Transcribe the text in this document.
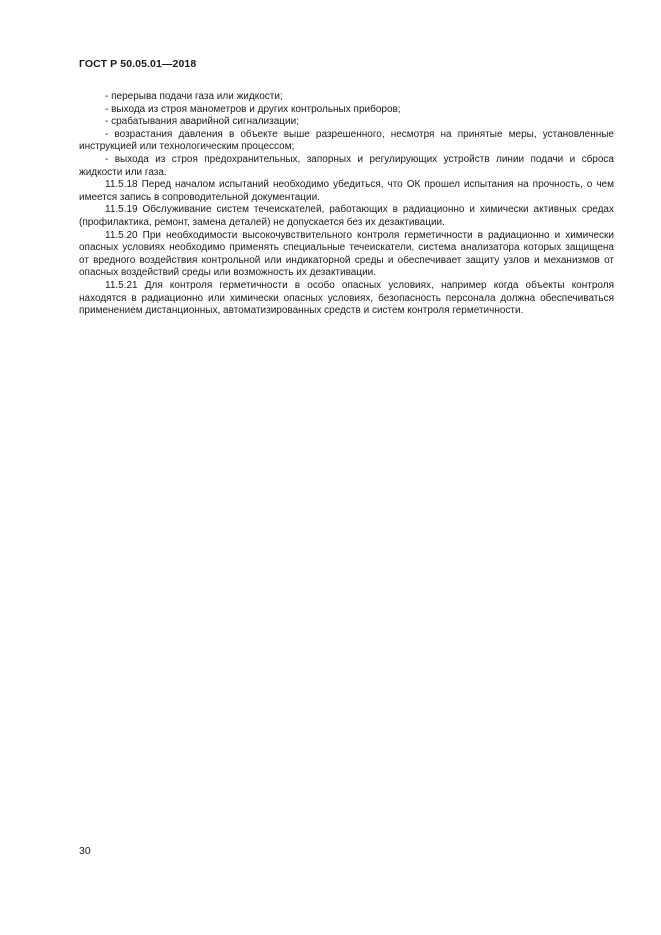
ГОСТ Р 50.05.01—2018

- перерыва подачи газа или жидкости;

- выхода из строя манометров и других контрольных приборов;

- срабатывания аварийной сигнализации;

- возрастания давления в объекте выше разрешенного, несмотря на принятые меры, установленные инструкцией или технологическим процессом;

- выхода из строя предохранительных, запорных и регулирующих устройств линии подачи и сброса жидкости или газа.

11.5.18 Перед началом испытаний необходимо убедиться, что ОК прошел испытания на прочность, о чем имеется запись в сопроводительной документации.

11.5.19 Обслуживание систем течеискателей, работающих в радиационно и химически активных средах (профилактика, ремонт, замена деталей) не допускается без их дезактивации.

11.5.20 При необходимости высокочувствительного контроля герметичности в радиационно и химически опасных условиях необходимо применять специальные течеискатели, система анализатора которых защищена от вредного воздействия контрольной или индикаторной среды и обеспечивает защиту узлов и механизмов от опасных воздействий среды или возможность их дезактивации.

11.5.21 Для контроля герметичности в особо опасных условиях, например когда объекты контроля находятся в радиационно или химически опасных условиях, безопасность персонала должна обеспечиваться применением дистанционных, автоматизированных средств и систем контроля герметичности.

30
